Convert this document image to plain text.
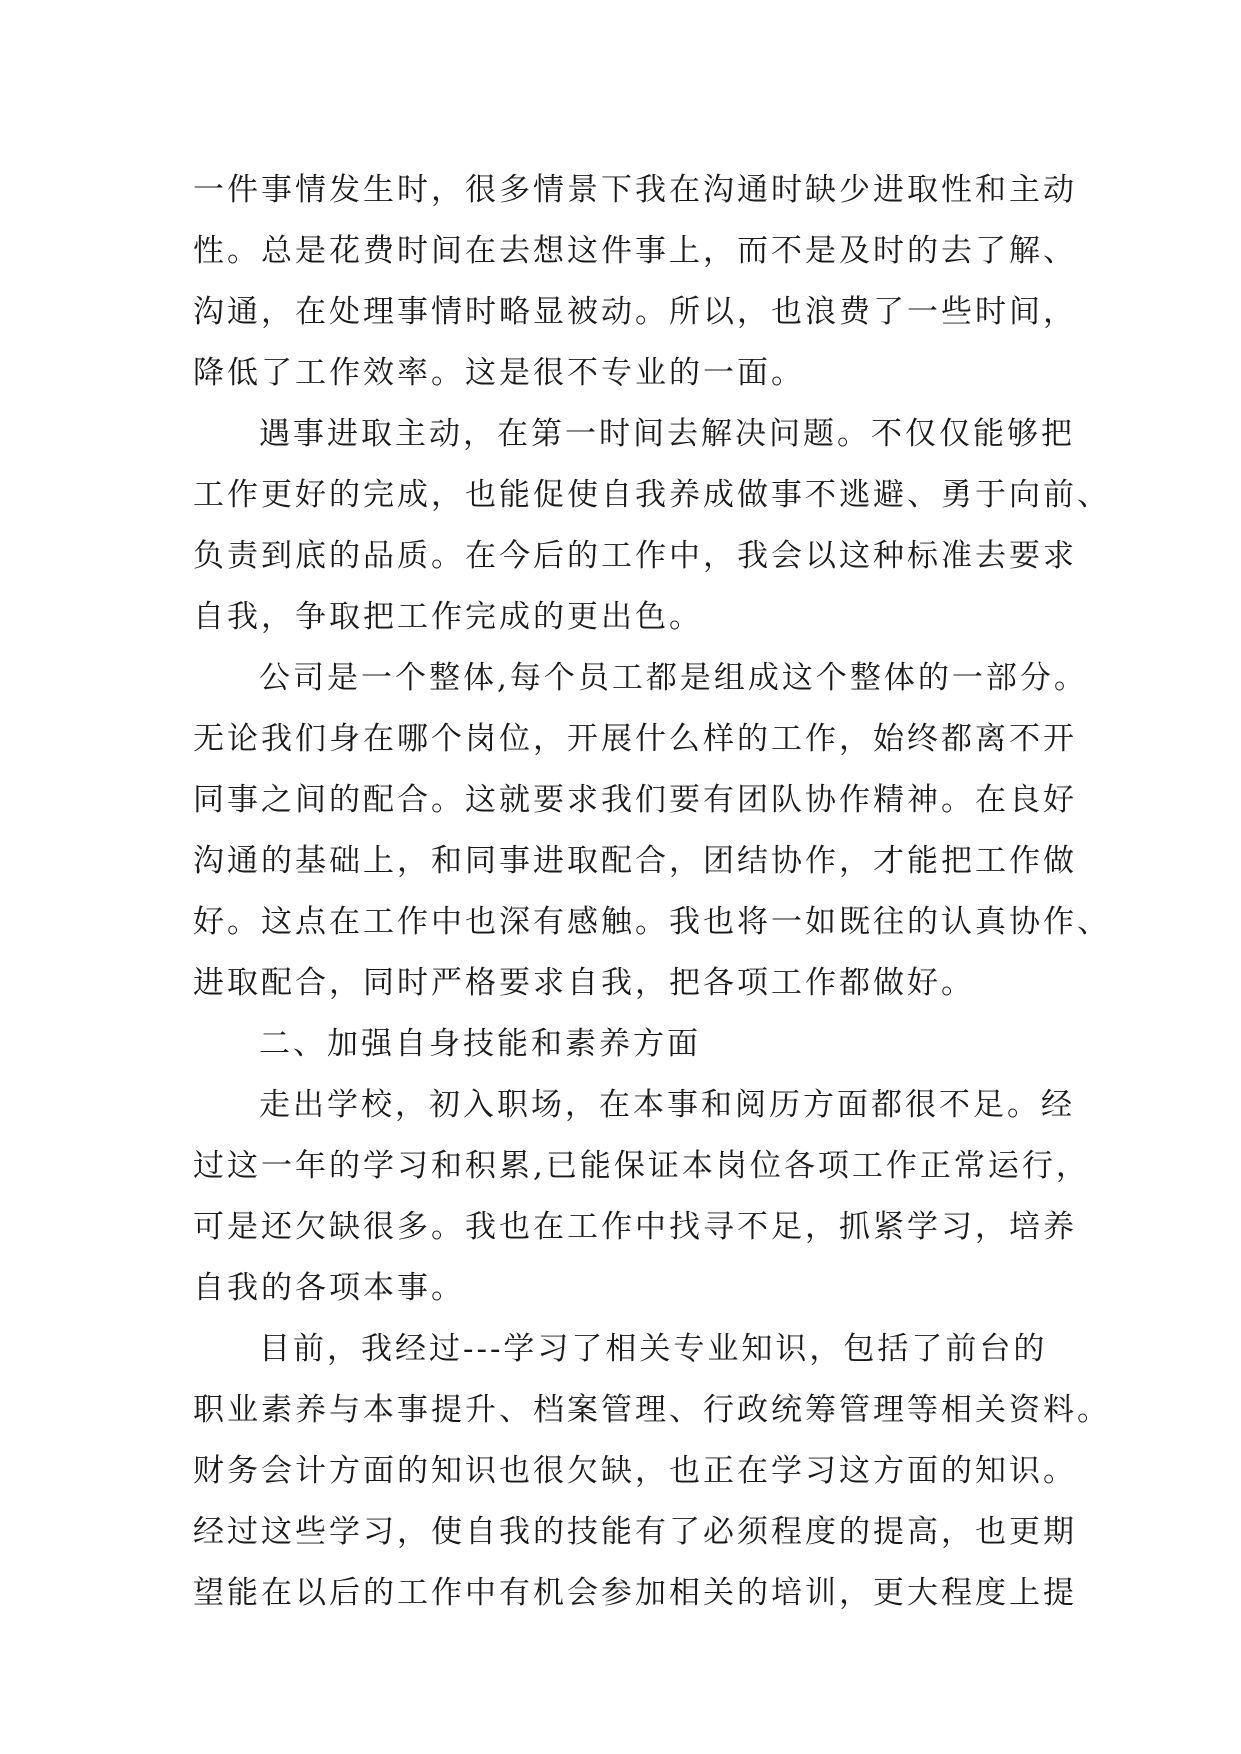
一件事情发生时，很多情景下我在沟通时缺少进取性和主动
性。总是花费时间在去想这件事上，而不是及时的去了解、
沟通，在处理事情时略显被动。所以，也浪费了一些时间，
降低了工作效率。这是很不专业的一面。
遇事进取主动，在第一时间去解决问题。不仅仅能够把
工作更好的完成，也能促使自我养成做事不逃避、勇于向前、
负责到底的品质。在今后的工作中，我会以这种标准去要求
自我，争取把工作完成的更出色。
公司是一个整体,每个员工都是组成这个整体的一部分。
无论我们身在哪个岗位，开展什么样的工作，始终都离不开
同事之间的配合。这就要求我们要有团队协作精神。在良好
沟通的基础上，和同事进取配合，团结协作，才能把工作做
好。这点在工作中也深有感触。我也将一如既往的认真协作、
进取配合，同时严格要求自我，把各项工作都做好。
二、加强自身技能和素养方面
走出学校，初入职场，在本事和阅历方面都很不足。经
过这一年的学习和积累,已能保证本岗位各项工作正常运行，
可是还欠缺很多。我也在工作中找寻不足，抓紧学习，培养
自我的各项本事。
目前，我经过---学习了相关专业知识，包括了前台的
职业素养与本事提升、档案管理、行政统筹管理等相关资料。
财务会计方面的知识也很欠缺，也正在学习这方面的知识。
经过这些学习，使自我的技能有了必须程度的提高，也更期
望能在以后的工作中有机会参加相关的培训，更大程度上提
